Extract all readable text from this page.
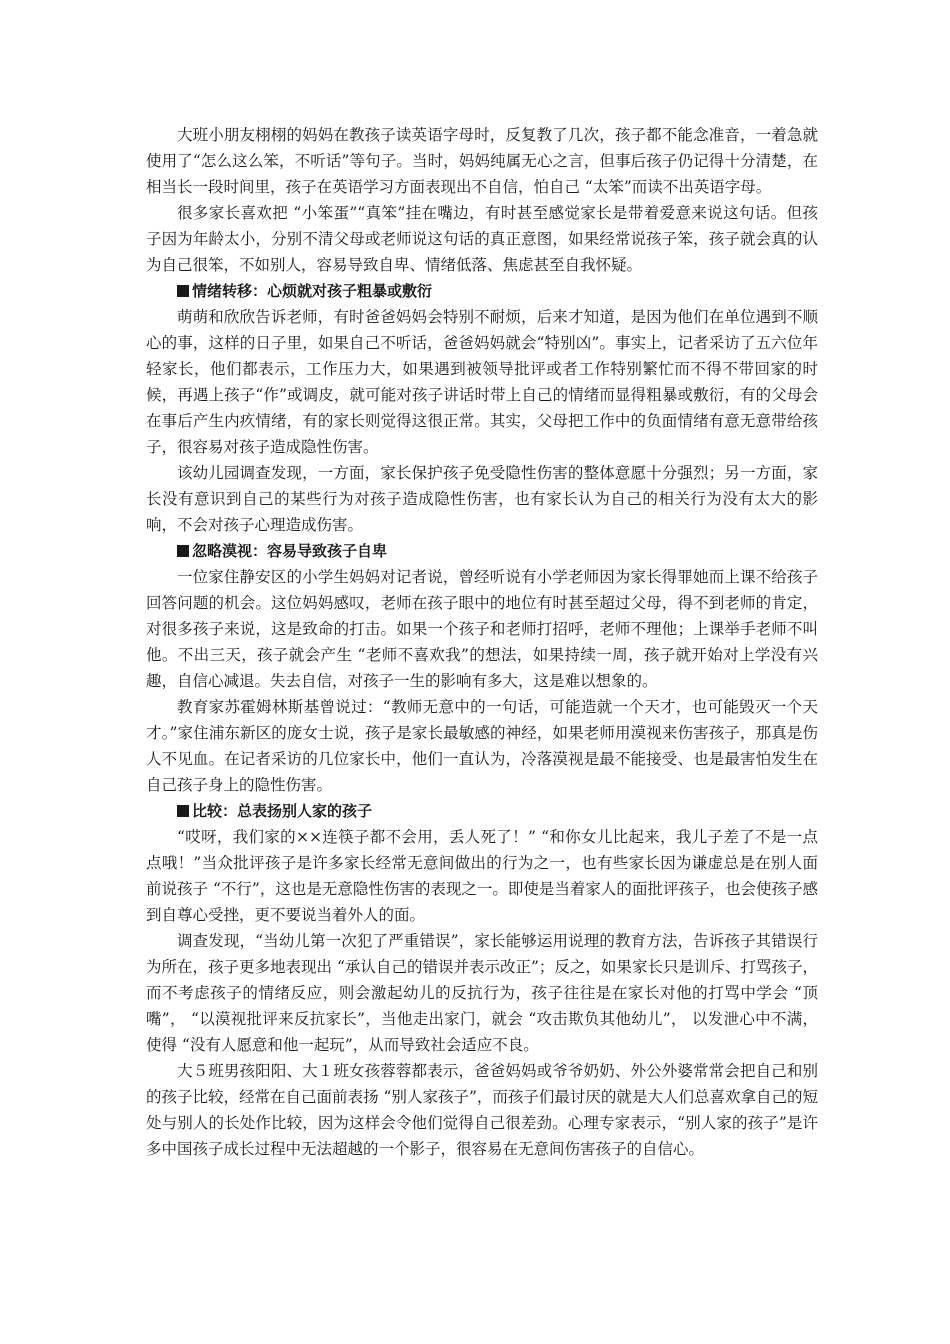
大班小朋友栩栩的妈妈在教孩子读英语字母时，反复教了几次，孩子都不能念准音，一着急就使用了“怎么这么笨，不听话”等句子。当时，妈妈纯属无心之言，但事后孩子仍记得十分清楚，在相当长一段时间里，孩子在英语学习方面表现出不自信，怕自己 “太笨”而读不出英语字母。

很多家长喜欢把 “小笨蛋”“真笨”挂在嘴边，有时甚至感觉家长是带着爱意来说这句话。但孩子因为年龄太小，分别不清父母或老师说这句话的真正意图，如果经常说孩子笨，孩子就会真的认为自己很笨，不如别人，容易导致自卑、情绪低落、焦虑甚至自我怀疑。

情绪转移：心烦就对孩子粗暴或敷衍

萌萌和欣欣告诉老师，有时爸爸妈妈会特别不耐烦，后来才知道，是因为他们在单位遇到不顺心的事，这样的日子里，如果自己不听话，爸爸妈妈就会“特别凶”。事实上，记者采访了五六位年轻家长，他们都表示，工作压力大，如果遇到被领导批评或者工作特别繁忙而不得不带回家的时候，再遇上孩子“作”或调皮，就可能对孩子讲话时带上自己的情绪而显得粗暴或敷衍，有的父母会在事后产生内疚情绪，有的家长则觉得这很正常。其实，父母把工作中的负面情绪有意无意带给孩子，很容易对孩子造成隐性伤害。

该幼儿园调查发现，一方面，家长保护孩子免受隐性伤害的整体意愿十分强烈；另一方面，家长没有意识到自己的某些行为对孩子造成隐性伤害，也有家长认为自己的相关行为没有太大的影响，不会对孩子心理造成伤害。

忽略漠视：容易导致孩子自卑

一位家住静安区的小学生妈妈对记者说，曾经听说有小学老师因为家长得罪她而上课不给孩子回答问题的机会。这位妈妈感叹，老师在孩子眼中的地位有时甚至超过父母，得不到老师的肯定，对很多孩子来说，这是致命的打击。如果一个孩子和老师打招呼，老师不理他；上课举手老师不叫他。不出三天，孩子就会产生 “老师不喜欢我”的想法，如果持续一周，孩子就开始对上学没有兴趣，自信心减退。失去自信，对孩子一生的影响有多大，这是难以想象的。

教育家苏霍姆林斯基曾说过：“教师无意中的一句话，可能造就一个天才，也可能毁灭一个天才。”家住浦东新区的庞女士说，孩子是家长最敏感的神经，如果老师用漠视来伤害孩子，那真是伤人不见血。在记者采访的几位家长中，他们一直认为，冷落漠视是最不能接受、也是最害怕发生在自己孩子身上的隐性伤害。

比较：总表扬别人家的孩子

“哎呀，我们家的××连筷子都不会用，丢人死了！” “和你女儿比起来，我儿子差了不是一点点哦！”当众批评孩子是许多家长经常无意间做出的行为之一，也有些家长因为谦虚总是在别人面前说孩子 “不行”，这也是无意隐性伤害的表现之一。即使是当着家人的面批评孩子，也会使孩子感到自尊心受挫，更不要说当着外人的面。

调查发现，“当幼儿第一次犯了严重错误”，家长能够运用说理的教育方法，告诉孩子其错误行为所在，孩子更多地表现出 “承认自己的错误并表示改正”；反之，如果家长只是训斥、打骂孩子，而不考虑孩子的情绪反应，则会激起幼儿的反抗行为，孩子往往是在家长对他的打骂中学会 “顶嘴”， “以漠视批评来反抗家长”，当他走出家门，就会 “攻击欺负其他幼儿”， 以发泄心中不满，使得 “没有人愿意和他一起玩”，从而导致社会适应不良。

大５班男孩阳阳、大１班女孩蓉蓉都表示，爸爸妈妈或爷爷奶奶、外公外婆常常会把自己和别的孩子比较，经常在自己面前表扬 “别人家孩子”，而孩子们最讨厌的就是大人们总喜欢拿自己的短处与别人的长处作比较，因为这样会令他们觉得自己很差劲。心理专家表示，“别人家的孩子”是许多中国孩子成长过程中无法超越的一个影子，很容易在无意间伤害孩子的自信心。
